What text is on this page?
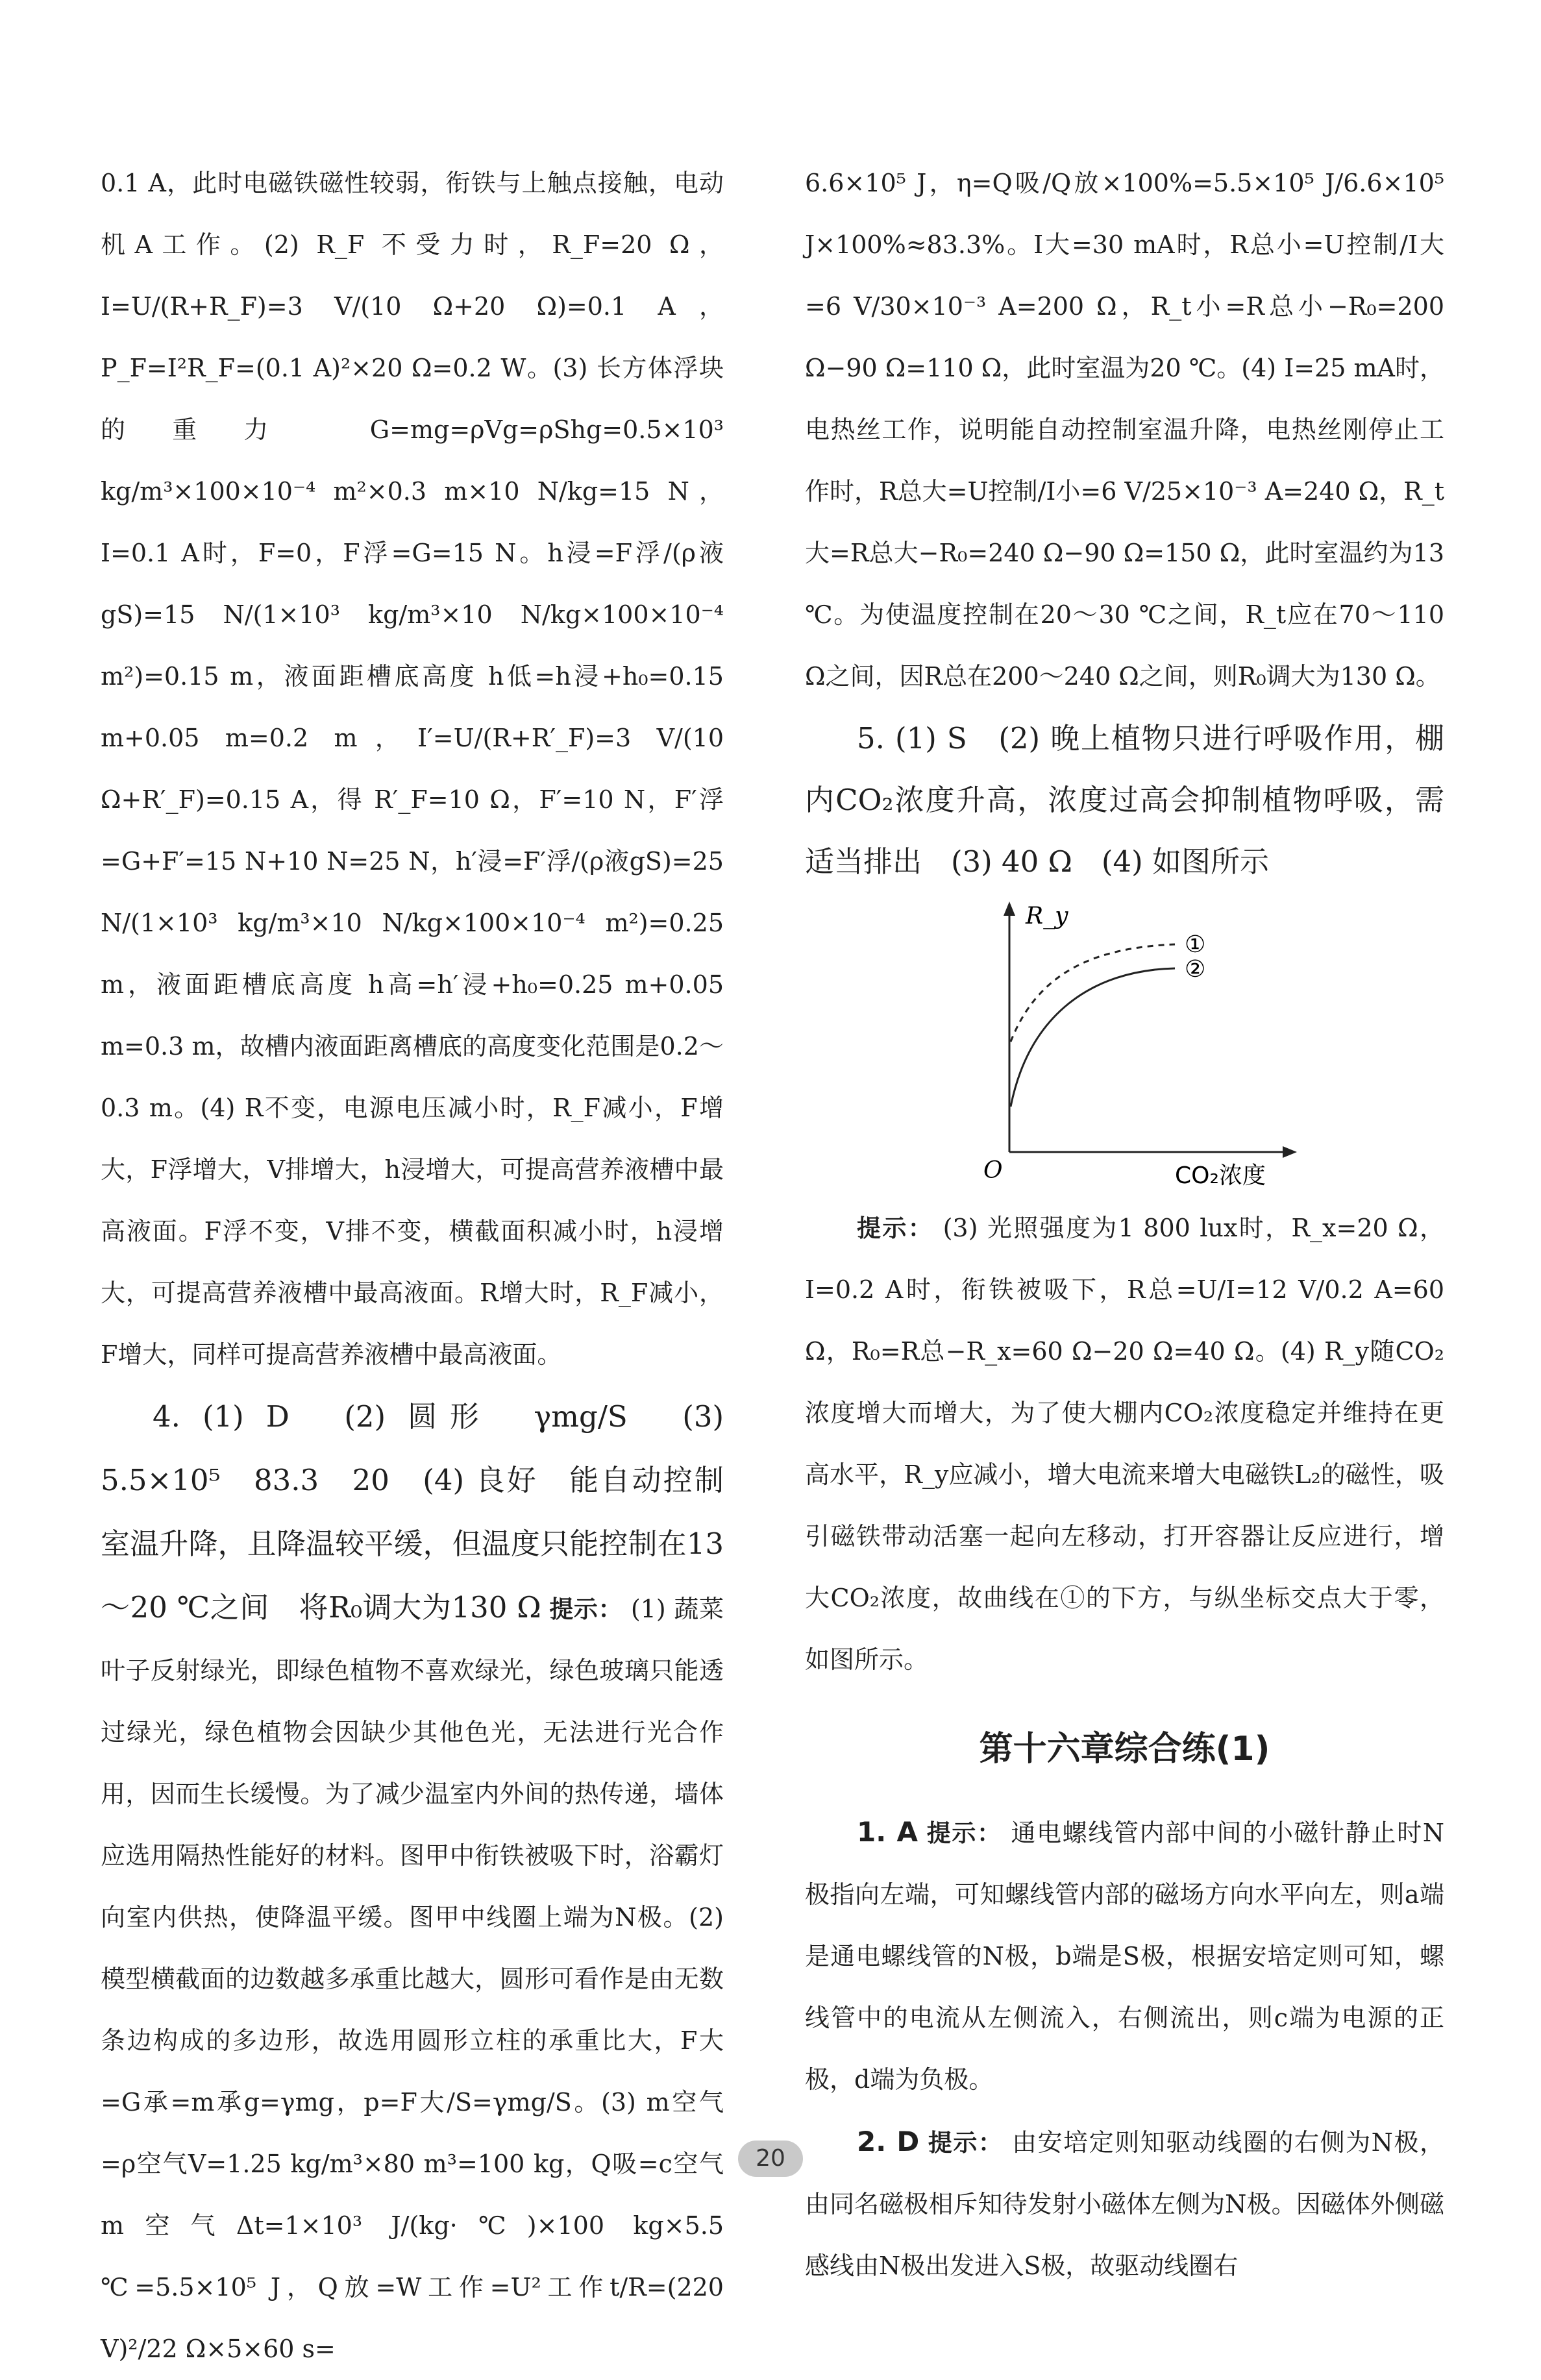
0.1 A，此时电磁铁磁性较弱，衔铁与上触点接触，电动机A工作。(2) R_F 不受力时，R_F=20 Ω，I=U/(R+R_F)=3 V/(10 Ω+20 Ω)=0.1 A，P_F=I²R_F=(0.1 A)²×20 Ω=0.2 W。(3) 长方体浮块的重力 G=mg=ρVg=ρShg=0.5×10³ kg/m³×100×10⁻⁴ m²×0.3 m×10 N/kg=15 N，I=0.1 A时，F=0，F浮=G=15 N。h浸=F浮/(ρ液gS)=15 N/(1×10³ kg/m³×10 N/kg×100×10⁻⁴ m²)=0.15 m，液面距槽底高度 h低=h浸+h₀=0.15 m+0.05 m=0.2 m，I′=U/(R+R′_F)=3 V/(10 Ω+R′_F)=0.15 A，得 R′_F=10 Ω，F′=10 N，F′浮=G+F′=15 N+10 N=25 N，h′浸=F′浮/(ρ液gS)=25 N/(1×10³ kg/m³×10 N/kg×100×10⁻⁴ m²)=0.25 m，液面距槽底高度 h高=h′浸+h₀=0.25 m+0.05 m=0.3 m，故槽内液面距离槽底的高度变化范围是0.2～0.3 m。(4) R不变，电源电压减小时，R_F减小，F增大，F浮增大，V排增大，h浸增大，可提高营养液槽中最高液面。F浮不变，V排不变，横截面积减小时，h浸增大，可提高营养液槽中最高液面。R增大时，R_F减小，F增大，同样可提高营养液槽中最高液面。

4. (1) D　(2) 圆形　γmg/S　(3) 5.5×10⁵　83.3　20　(4) 良好　能自动控制室温升降，且降温较平缓，但温度只能控制在13～20 ℃之间　将R₀调大为130 Ω 提示： (1) 蔬菜叶子反射绿光，即绿色植物不喜欢绿光，绿色玻璃只能透过绿光，绿色植物会因缺少其他色光，无法进行光合作用，因而生长缓慢。为了减少温室内外间的热传递，墙体应选用隔热性能好的材料。图甲中衔铁被吸下时，浴霸灯向室内供热，使降温平缓。图甲中线圈上端为N极。(2) 模型横截面的边数越多承重比越大，圆形可看作是由无数条边构成的多边形，故选用圆形立柱的承重比大，F大=G承=m承g=γmg，p=F大/S=γmg/S。(3) m空气=ρ空气V=1.25 kg/m³×80 m³=100 kg，Q吸=c空气m空气Δt=1×10³ J/(kg·℃)×100 kg×5.5 ℃=5.5×10⁵ J，Q放=W工作=U²工作t/R=(220 V)²/22 Ω×5×60 s=

6.6×10⁵ J，η=Q吸/Q放×100%=5.5×10⁵ J/6.6×10⁵ J×100%≈83.3%。I大=30 mA时，R总小=U控制/I大=6 V/30×10⁻³ A=200 Ω，R_t小=R总小−R₀=200 Ω−90 Ω=110 Ω，此时室温为20 ℃。(4) I=25 mA时，电热丝工作，说明能自动控制室温升降，电热丝刚停止工作时，R总大=U控制/I小=6 V/25×10⁻³ A=240 Ω，R_t大=R总大−R₀=240 Ω−90 Ω=150 Ω，此时室温约为13 ℃。为使温度控制在20～30 ℃之间，R_t应在70～110 Ω之间，因R总在200～240 Ω之间，则R₀调大为130 Ω。

5. (1) S　(2) 晚上植物只进行呼吸作用，棚内CO₂浓度升高，浓度过高会抑制植物呼吸，需适当排出　(3) 40 Ω　(4) 如图所示

R_y
①
②
O	CO₂浓度

提示： (3) 光照强度为1 800 lux时，R_x=20 Ω，I=0.2 A时，衔铁被吸下，R总=U/I=12 V/0.2 A=60 Ω，R₀=R总−R_x=60 Ω−20 Ω=40 Ω。(4) R_y随CO₂浓度增大而增大，为了使大棚内CO₂浓度稳定并维持在更高水平，R_y应减小，增大电流来增大电磁铁L₂的磁性，吸引磁铁带动活塞一起向左移动，打开容器让反应进行，增大CO₂浓度，故曲线在①的下方，与纵坐标交点大于零，如图所示。

第十六章综合练(1)

1. A 提示： 通电螺线管内部中间的小磁针静止时N极指向左端，可知螺线管内部的磁场方向水平向左，则a端是通电螺线管的N极，b端是S极，根据安培定则可知，螺线管中的电流从左侧流入，右侧流出，则c端为电源的正极，d端为负极。

2. D 提示： 由安培定则知驱动线圈的右侧为N极，由同名磁极相斥知待发射小磁体左侧为N极。因磁体外侧磁感线由N极出发进入S极，故驱动线圈右

20
